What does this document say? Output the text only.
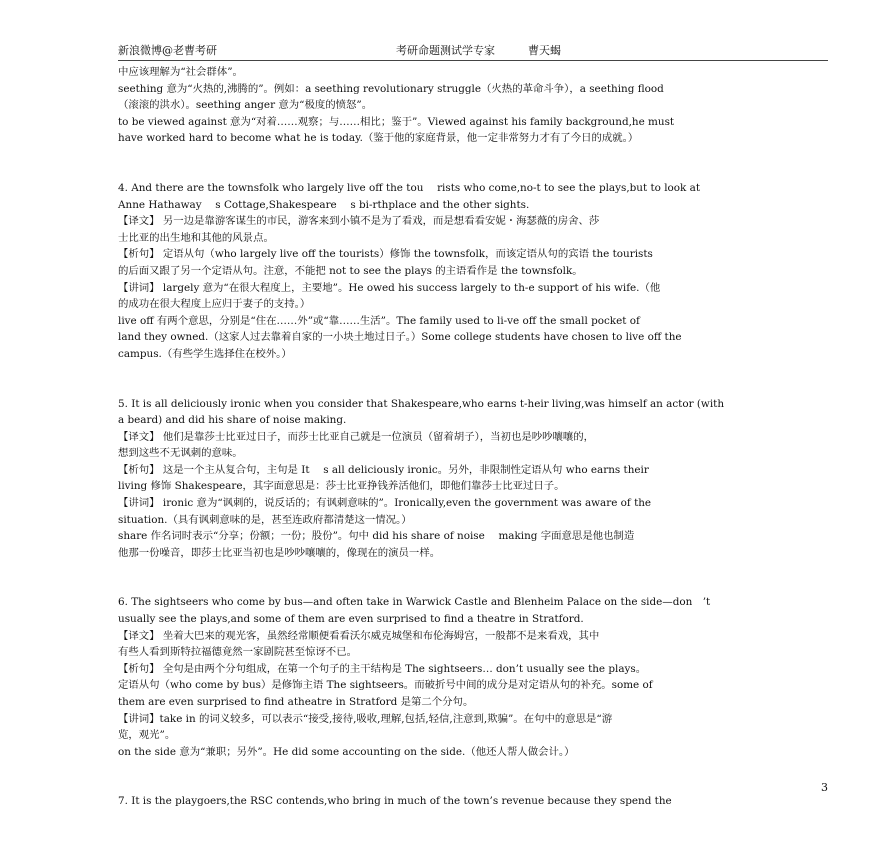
新浪微博@老曹考研	考研命题测试学专家	曹天蝎

中应该理解为“社会群体”。

seething 意为“火热的,沸腾的”。例如：a seething revolutionary struggle（火热的革命斗争），a seething flood

（滚滚的洪水）。seething anger 意为“极度的愤怒”。

to be viewed against 意为“对着……观察；与……相比；鉴于”。Viewed against his family background,he must

have worked hard to become what he is today.（鉴于他的家庭背景，他一定非常努力才有了今日的成就。）

4. And there are the townsfolk who largely live off the tou　 rists who come,no-t to see the plays,but to look at

Anne Hathaway　 s Cottage,Shakespeare　 s bi-rthplace and the other sights.

【译文】 另一边是靠游客谋生的市民，游客来到小镇不是为了看戏，而是想看看安妮・海瑟薇的房舍、莎

士比亚的出生地和其他的风景点。

【析句】 定语从句（who largely live off the tourists）修饰 the townsfolk，而该定语从句的宾语 the tourists

的后面又跟了另一个定语从句。注意，不能把 not to see the plays 的主语看作是 the townsfolk。

【讲词】 largely 意为“在很大程度上，主要地”。He owed his success largely to th-e support of his wife.（他

的成功在很大程度上应归于妻子的支持。）

live off 有两个意思，分别是“住在……外”或“靠……生活”。The family used to li-ve off the small pocket of

land they owned.（这家人过去靠着自家的一小块土地过日子。）Some college students have chosen to live off the

campus.（有些学生选择住在校外。）

5. It is all deliciously ironic when you consider that Shakespeare,who earns t-heir living,was himself an actor (with

a beard) and did his share of noise making.

【译文】 他们是靠莎士比亚过日子，而莎士比亚自己就是一位演员（留着胡子），当初也是吵吵嚷嚷的，

想到这些不无讽刺的意味。

【析句】 这是一个主从复合句，主句是 It　 s all deliciously ironic。另外，非限制性定语从句 who earns their

living 修饰 Shakespeare，其字面意思是：莎士比亚挣钱养活他们，即他们靠莎士比亚过日子。

【讲词】 ironic 意为“讽刺的，说反话的；有讽刺意味的”。Ironically,even the government was aware of the

situation.（具有讽刺意味的是，甚至连政府都清楚这一情况。）

share 作名词时表示“分享；份额；一份；股份”。句中 did his share of noise　 making 字面意思是他也制造

他那一份噪音，即莎士比亚当初也是吵吵嚷嚷的，像现在的演员一样。

6. The sightseers who come by bus—and often take in Warwick Castle and Blenheim Palace on the side—don　’t

usually see the plays,and some of them are even surprised to find a theatre in Stratford.

【译文】 坐着大巴来的观光客，虽然经常顺便看看沃尔威克城堡和布伦海姆宫，一般都不是来看戏，其中

有些人看到斯特拉福德竟然一家剧院甚至惊讶不已。

【析句】 全句是由两个分句组成，在第一个句子的主干结构是 The sightseers… don’t usually see the plays。

定语从句（who come by bus）是修饰主语 The sightseers。而破折号中间的成分是对定语从句的补充。some of

them are even surprised to find atheatre in Stratford 是第二个分句。

【讲词】take in 的词义较多，可以表示“接受,接待,吸收,理解,包括,轻信,注意到,欺骗”。在句中的意思是“游

览，观光”。

on the side 意为“兼职；另外”。He did some accounting on the side.（他还人帮人做会计。）

7. It is the playgoers,the RSC contends,who bring in much of the town’s revenue because they spend the

3
